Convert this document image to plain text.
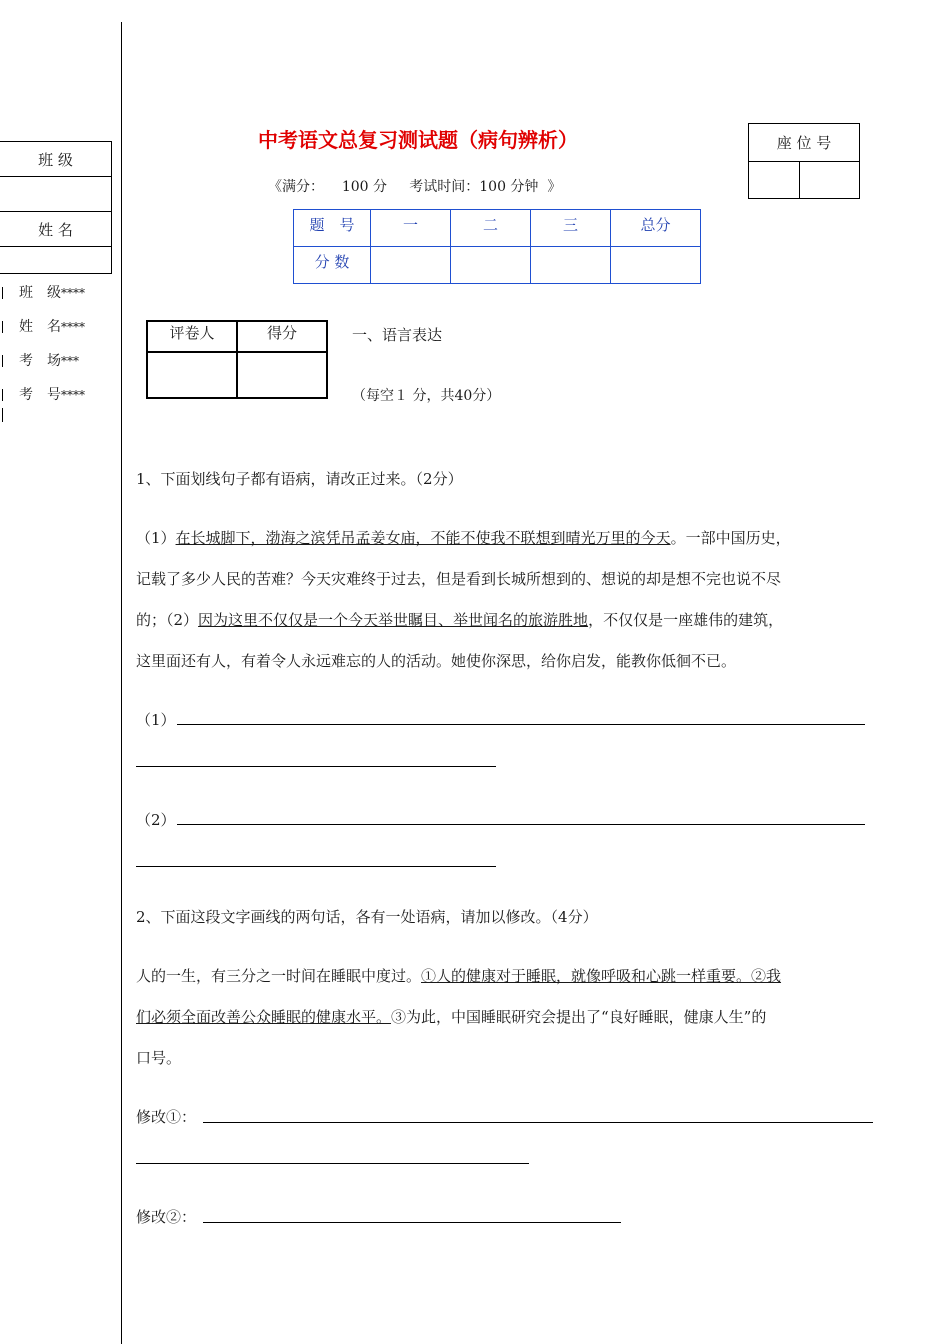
班 级

姓 名

班　级****
姓　名****
考　场***
考　号****
中考语文总复习测试题（病句辨析）	座 位 号

《满分： 100 分 考试时间：100 分钟 》
题　号	一	二	三	总分
分 数				
评卷人	得分
		一、语言表达
（每空１ 分，共40分）
1、下面划线句子都有语病，请改正过来。（2分）
（1）在长城脚下，渤海之滨凭吊孟姜女庙，不能不使我不联想到晴光万里的今天。一部中国历史，
记载了多少人民的苦难？今天灾难终于过去，但是看到长城所想到的、想说的却是想不完也说不尽
的；（2）因为这里不仅仅是一个今天举世瞩目、举世闻名的旅游胜地，不仅仅是一座雄伟的建筑，
这里面还有人，有着令人永远难忘的人的活动。她使你深思，给你启发，能教你低徊不已。
（1）
（2）
2、下面这段文字画线的两句话，各有一处语病，请加以修改。（4分）
人的一生，有三分之一时间在睡眠中度过。①人的健康对于睡眠，就像呼吸和心跳一样重要。②我
们必须全面改善公众睡眠的健康水平。③为此，中国睡眠研究会提出了“良好睡眠，健康人生”的
口号。
修改①：
修改②：
